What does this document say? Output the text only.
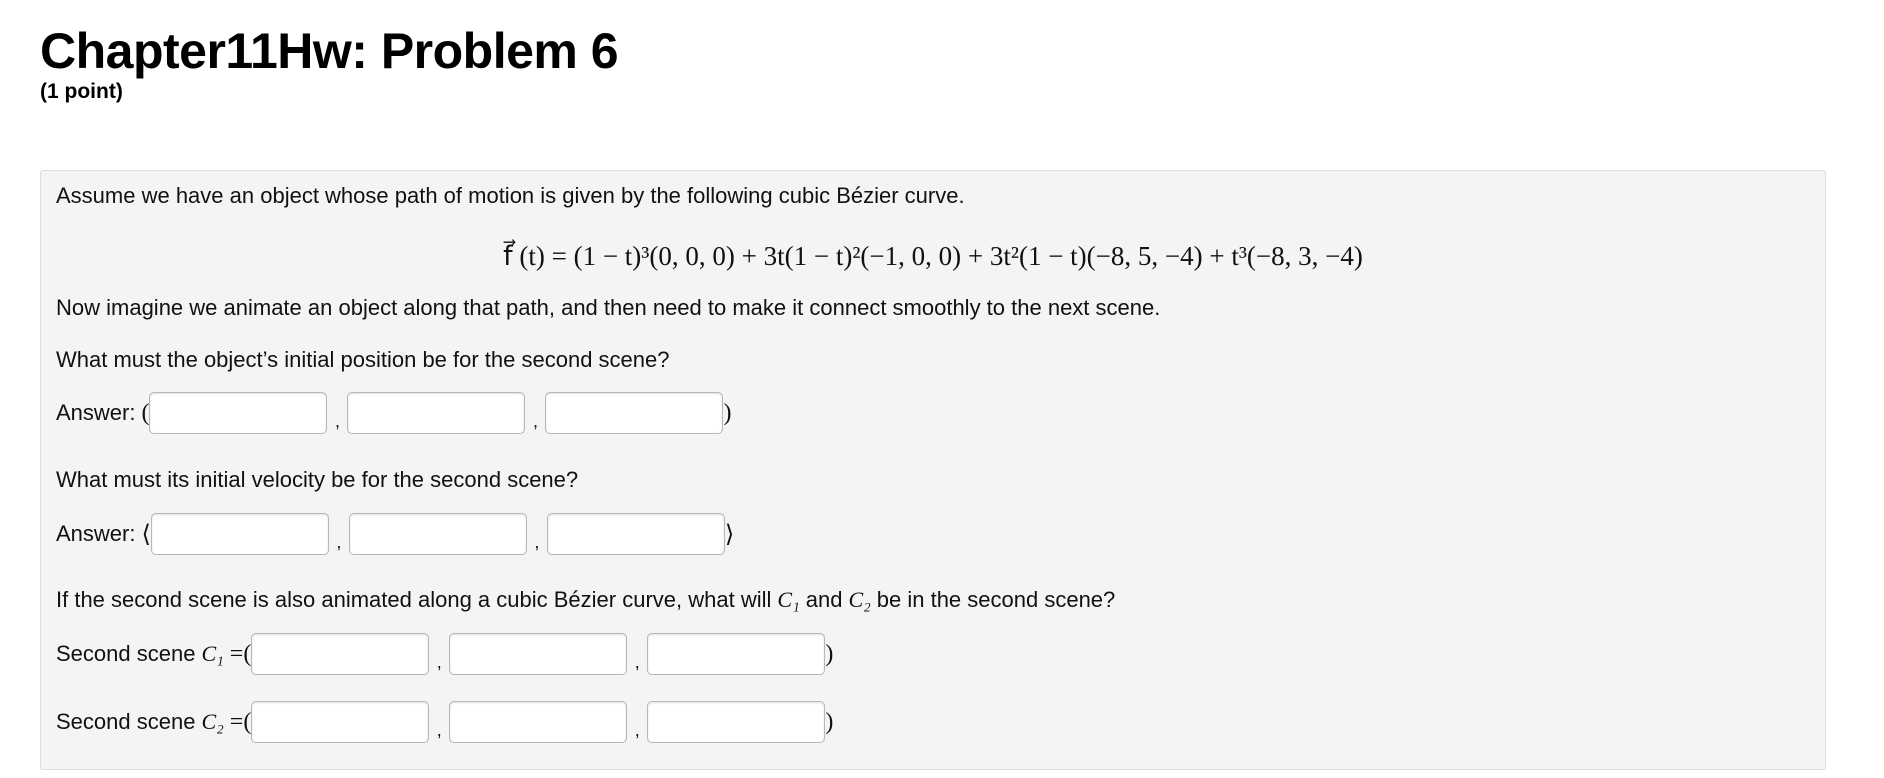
Chapter11Hw: Problem 6
(1 point)
Assume we have an object whose path of motion is given by the following cubic Bézier curve.
f⃗ (t) = (1 − t)³(0, 0, 0) + 3t(1 − t)²(−1, 0, 0) + 3t²(1 − t)(−8, 5, −4) + t³(−8, 3, −4)
Now imagine we animate an object along that path, and then need to make it connect smoothly to the next scene.
What must the object’s initial position be for the second scene?
Answer: (	,	,	)
What must its initial velocity be for the second scene?
Answer: ⟨	,	,	⟩
If the second scene is also animated along a cubic Bézier curve, what will C₁ and C₂ be in the second scene?
Second scene C₁ = (	,	,	)
Second scene C₂ = (	,	,	)
